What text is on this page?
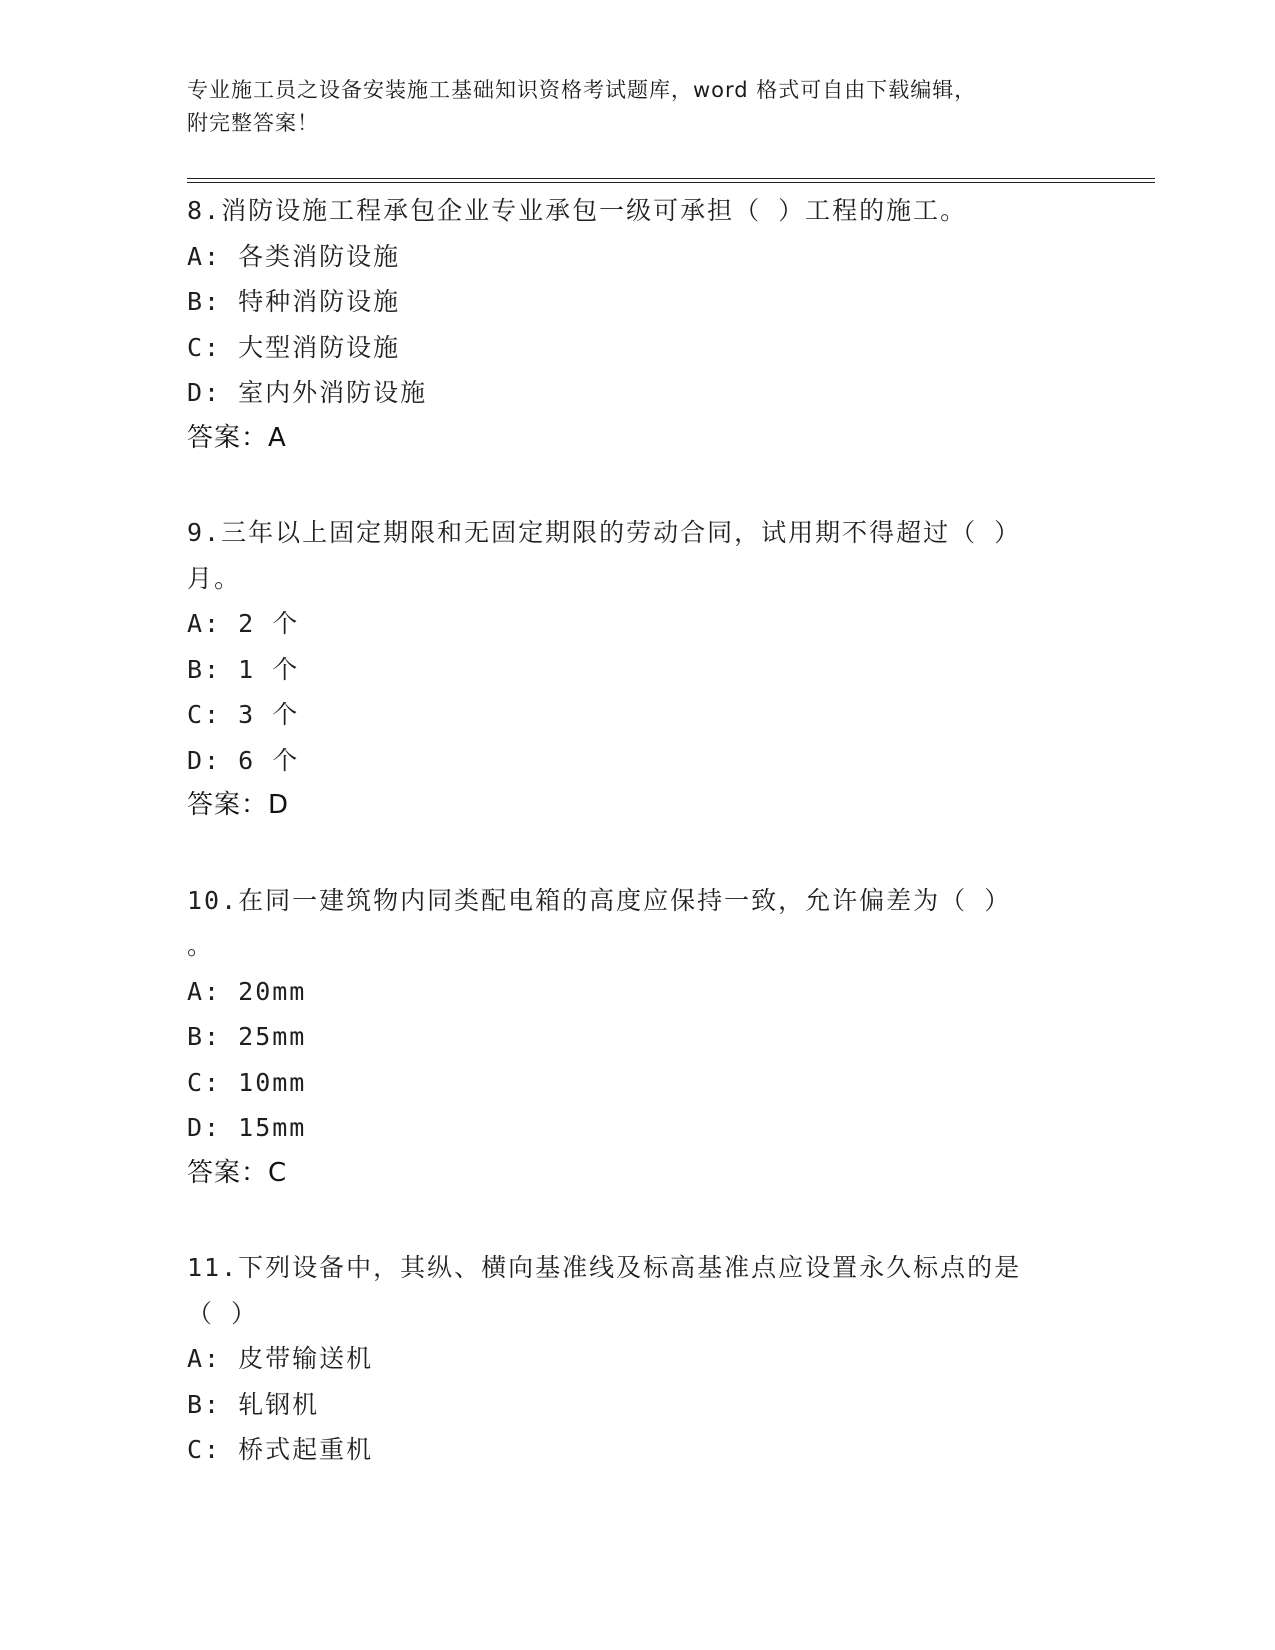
专业施工员之设备安装施工基础知识资格考试题库，word 格式可自由下载编辑，
附完整答案！
8.消防设施工程承包企业专业承包一级可承担（ ）工程的施工。
A: 各类消防设施
B: 特种消防设施
C: 大型消防设施
D: 室内外消防设施
答案：A
9.三年以上固定期限和无固定期限的劳动合同，试用期不得超过（ ）
月。
A: 2 个
B: 1 个
C: 3 个
D: 6 个
答案：D
10.在同一建筑物内同类配电箱的高度应保持一致，允许偏差为（ ）
。
A: 20mm
B: 25mm
C: 10mm
D: 15mm
答案：C
11.下列设备中，其纵、横向基准线及标高基准点应设置永久标点的是
（ ）
A: 皮带输送机
B: 轧钢机
C: 桥式起重机
